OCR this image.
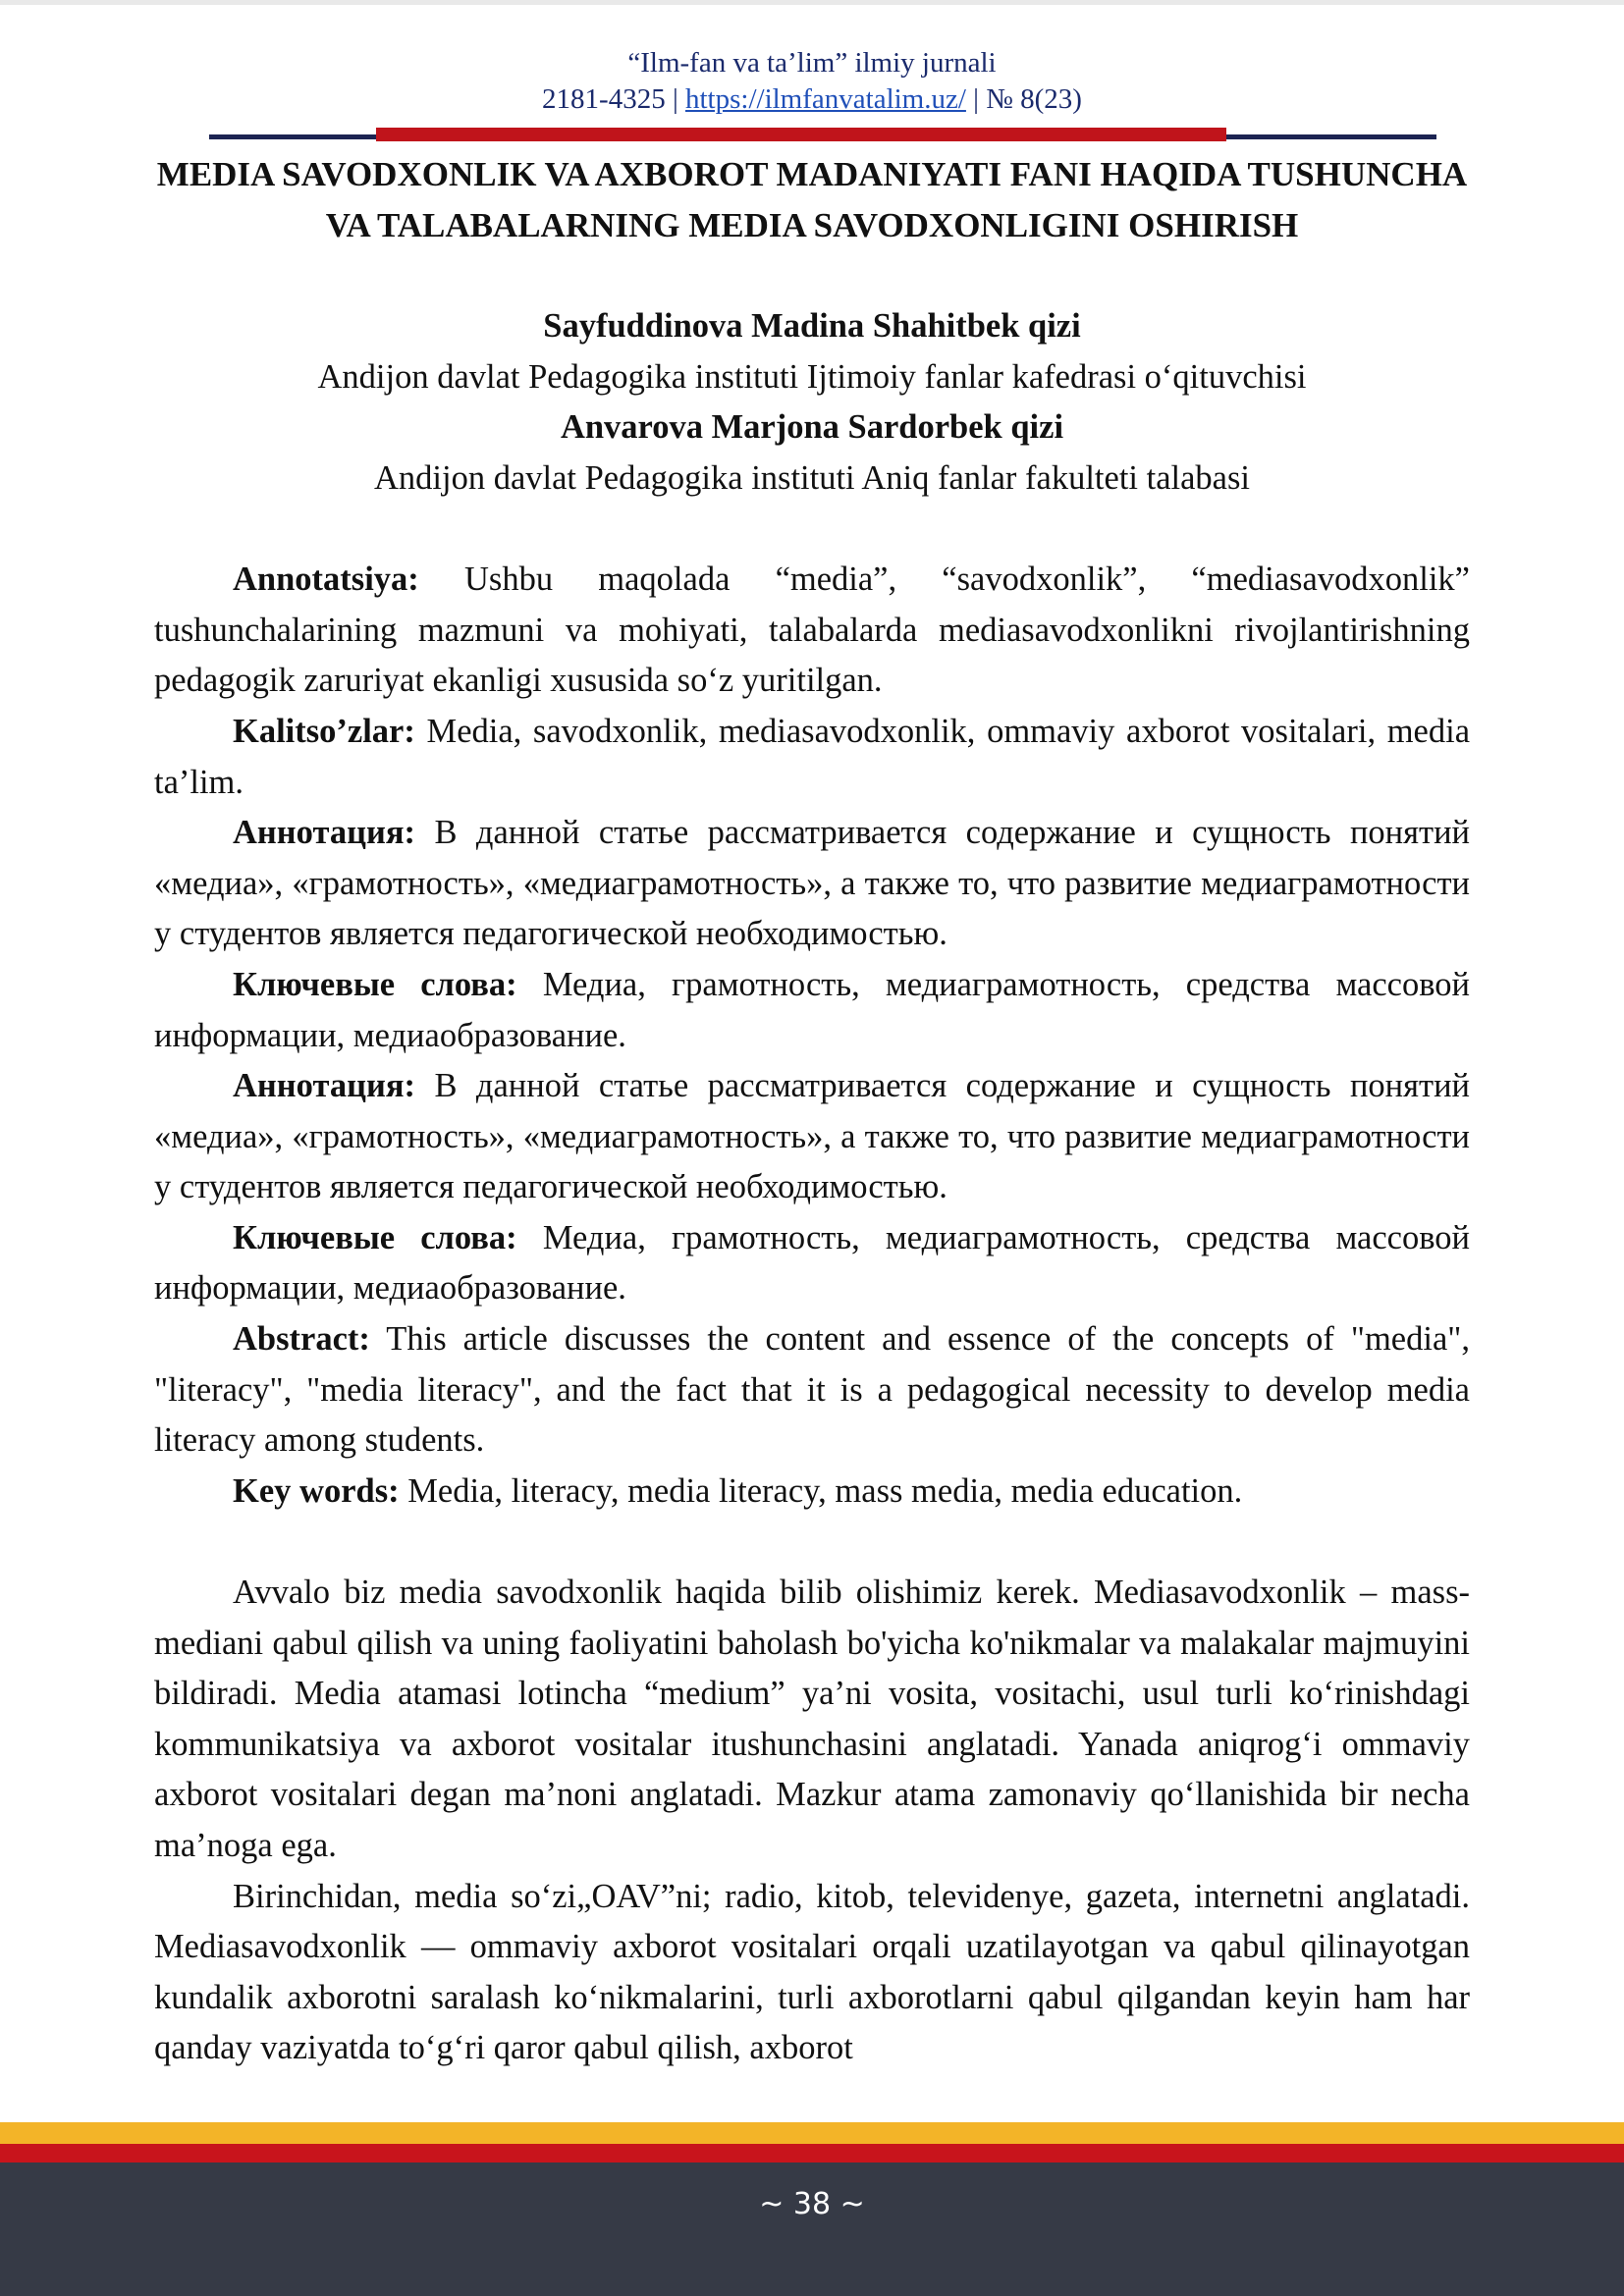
“Ilm-fan va ta’lim” ilmiy jurnali
2181-4325 | https://ilmfanvatalim.uz/ | № 8(23)
MEDIA SAVODXONLIK VA AXBOROT MADANIYATI FANI HAQIDA TUSHUNCHA VA TALABALARNING MEDIA SAVODXONLIGINI OSHIRISH
Sayfuddinova Madina Shahitbek qizi
Andijon davlat Pedagogika instituti Ijtimoiy fanlar kafedrasi o‘qituvchisi
Anvarova Marjona Sardorbek qizi
Andijon davlat Pedagogika instituti Aniq fanlar fakulteti talabasi

Annotatsiya: Ushbu maqolada “media”, “savodxonlik”, “mediasavodxonlik” tushunchalarining mazmuni va mohiyati, talabalarda mediasavodxonlikni rivojlantirishning pedagogik zaruriyat ekanligi xususida so‘z yuritilgan.

Kalitso’zlar: Media, savodxonlik, mediasavodxonlik, ommaviy axborot vositalari, media ta’lim.

Аннотация: В данной статье рассматривается содержание и сущность понятий «медиа», «грамотность», «медиаграмотность», а также то, что развитие медиаграмотности у студентов является педагогической необходимостью.

Ключевые слова: Медиа, грамотность, медиаграмотность, средства массовой информации, медиаобразование.

Аннотация: В данной статье рассматривается содержание и сущность понятий «медиа», «грамотность», «медиаграмотность», а также то, что развитие медиаграмотности у студентов является педагогической необходимостью.

Ключевые слова: Медиа, грамотность, медиаграмотность, средства массовой информации, медиаобразование.

Abstract: This article discusses the content and essence of the concepts of "media", "literacy", "media literacy", and the fact that it is a pedagogical necessity to develop media literacy among students.

Key words: Media, literacy, media literacy, mass media, media education.

Avvalo biz media savodxonlik haqida bilib olishimiz kerek. Mediasavodxonlik – mass-mediani qabul qilish va uning faoliyatini baholash bo'yicha ko'nikmalar va malakalar majmuyini bildiradi. Media atamasi lotincha “medium” ya’ni vosita, vositachi, usul turli ko‘rinishdagi kommunikatsiya va axborot vositalar itushunchasini anglatadi. Yanada aniqrog‘i ommaviy axborot vositalari degan ma’noni anglatadi. Mazkur atama zamonaviy qo‘llanishida bir necha ma’noga ega.

Birinchidan, media so‘zi„OAV”ni; radio, kitob, televidenye, gazeta, internetni anglatadi. Mediasavodxonlik — ommaviy axborot vositalari orqali uzatilayotgan va qabul qilinayotgan kundalik axborotni saralash ko‘nikmalarini, turli axborotlarni qabul qilgandan keyin ham har qanday vaziyatda to‘g‘ri qaror qabul qilish, axborot

~ 38 ~
